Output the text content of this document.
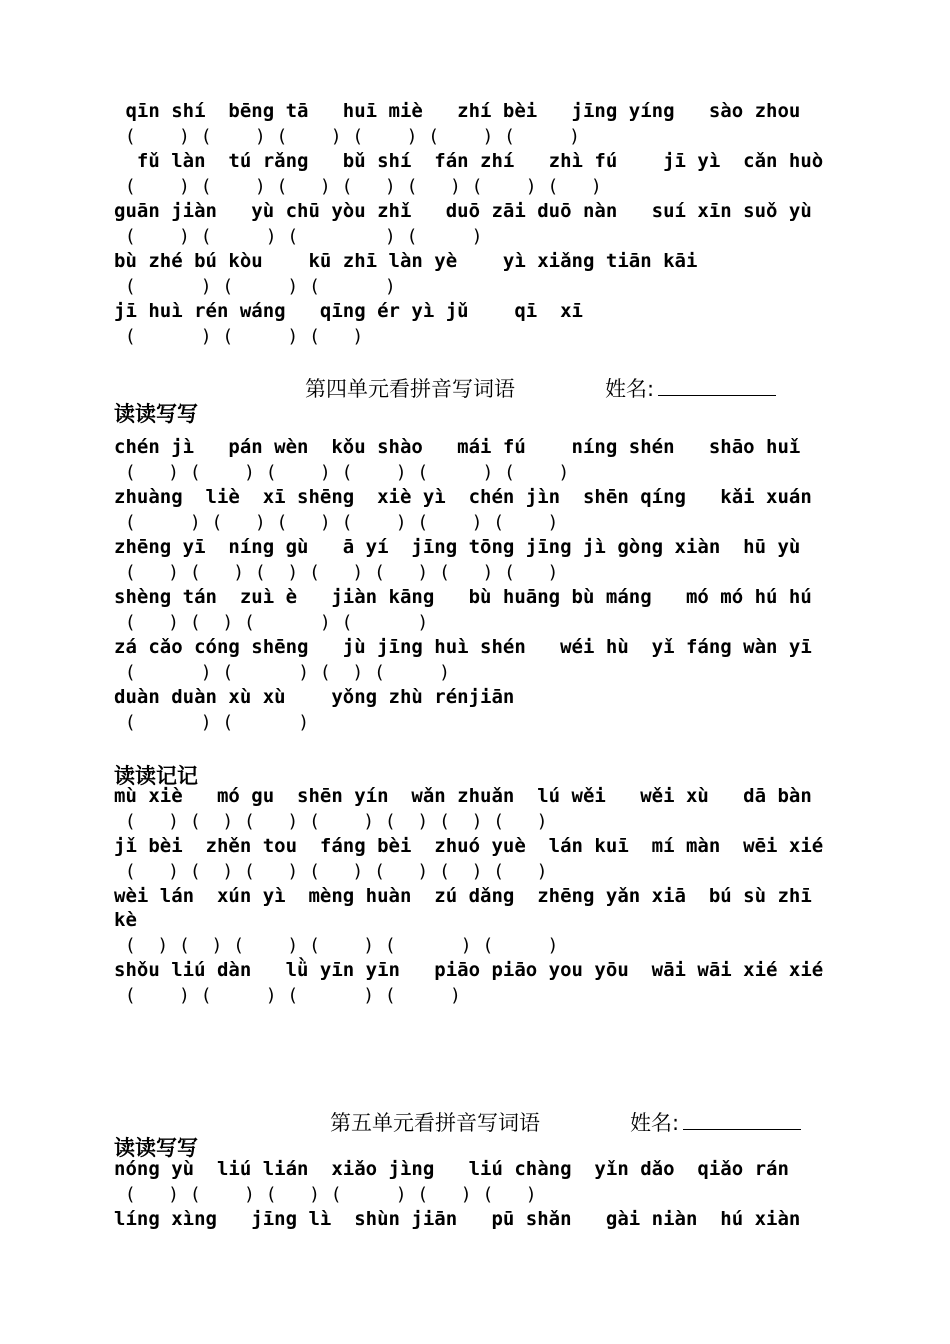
qīn shí  bēng tā   huī miè   zhí bèi   jīng yíng   sào zhou
(    ) (    ) (    ) (    ) (    ) (     )
fǔ làn  tú rǎng   bǔ shí  fán zhí   zhì fú    jī yì  cǎn huò
(    ) (    ) (   ) (   ) (   ) (    ) (   )
guān jiàn   yù chū yòu zhǐ   duō zāi duō nàn   suí xīn suǒ yù
(    ) (     ) (        ) (     )
bù zhé bú kòu    kū zhī làn yè    yì xiǎng tiān kāi
(      ) (     ) (      )
jī huì rén wáng   qīng ér yì jǔ    qī  xī
(      ) (     ) (   )
第四单元看拼音写词语	姓名:
读读写写
chén jì   pán wèn  kǒu shào   mái fú    níng shén   shāo huǐ
(   ) (    ) (    ) (    ) (     ) (    )
zhuàng  liè  xī shēng  xiè yì  chén jìn  shēn qíng   kǎi xuán
(     ) (   ) (   ) (    ) (    ) (    )
zhēng yī  níng gù   ā yí  jīng tōng jīng jì gòng xiàn  hū yù
(   ) (   ) (  ) (   ) (   ) (   ) (   )
shèng tán  zuì è   jiàn kāng   bù huāng bù máng   mó mó hú hú
(   ) (  ) (      ) (      )
zá cǎo cóng shēng   jù jīng huì shén   wéi hù  yǐ fáng wàn yī
(      ) (      ) (  ) (     )
duàn duàn xù xù    yǒng zhù rénjiān
(      ) (      )
读读记记
mù xiè   mó gu  shēn yín  wǎn zhuǎn  lú wěi   wěi xù   dā bàn
(   ) (  ) (   ) (    ) (  ) (  ) (   )
jǐ bèi  zhěn tou  fáng bèi  zhuó yuè  lán kuī  mí màn  wēi xié
(   ) (  ) (   ) (   ) (   ) (  ) (   )
wèi lán  xún yì  mèng huàn  zú dǎng  zhēng yǎn xiā  bú sù zhī
kè
(  ) (  ) (    ) (    ) (      ) (     )
shǒu liú dàn   lǜ yīn yīn   piāo piāo you yōu  wāi wāi xié xié
(    ) (     ) (      ) (     )
第五单元看拼音写词语	姓名:
读读写写
nóng yù  liú lián  xiǎo jìng   liú chàng  yǐn dǎo  qiǎo rán
(   ) (    ) (   ) (     ) (   ) (   )
líng xìng   jīng lì  shùn jiān   pū shǎn   gài niàn  hú xiàn
